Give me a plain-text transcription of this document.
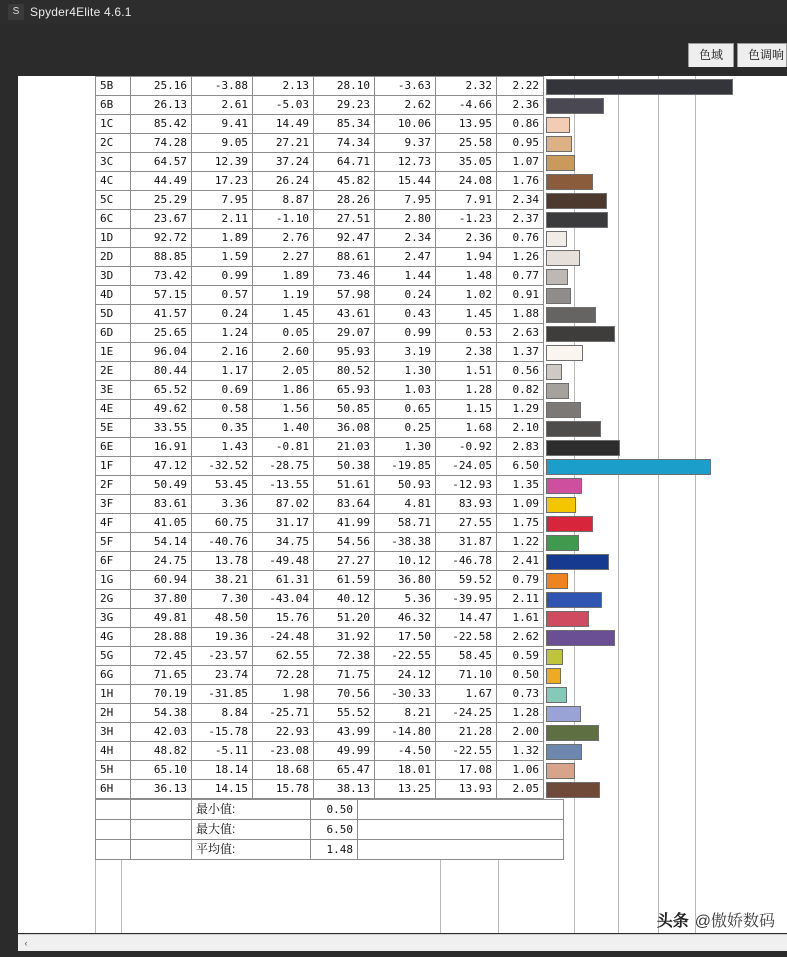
S Spyder4Elite 4.6.1
色域	色调响
5B	25.16	-3.88	2.13	28.10	-3.63	2.32	2.22	

6B	26.13	2.61	-5.03	29.23	2.62	-4.66	2.36	

1C	85.42	9.41	14.49	85.34	10.06	13.95	0.86	

2C	74.28	9.05	27.21	74.34	9.37	25.58	0.95	

3C	64.57	12.39	37.24	64.71	12.73	35.05	1.07	

4C	44.49	17.23	26.24	45.82	15.44	24.08	1.76	

5C	25.29	7.95	8.87	28.26	7.95	7.91	2.34	

6C	23.67	2.11	-1.10	27.51	2.80	-1.23	2.37	

1D	92.72	1.89	2.76	92.47	2.34	2.36	0.76	

2D	88.85	1.59	2.27	88.61	2.47	1.94	1.26	

3D	73.42	0.99	1.89	73.46	1.44	1.48	0.77	

4D	57.15	0.57	1.19	57.98	0.24	1.02	0.91	

5D	41.57	0.24	1.45	43.61	0.43	1.45	1.88	

6D	25.65	1.24	0.05	29.07	0.99	0.53	2.63	

1E	96.04	2.16	2.60	95.93	3.19	2.38	1.37	

2E	80.44	1.17	2.05	80.52	1.30	1.51	0.56	

3E	65.52	0.69	1.86	65.93	1.03	1.28	0.82	

4E	49.62	0.58	1.56	50.85	0.65	1.15	1.29	

5E	33.55	0.35	1.40	36.08	0.25	1.68	2.10	

6E	16.91	1.43	-0.81	21.03	1.30	-0.92	2.83	

1F	47.12	-32.52	-28.75	50.38	-19.85	-24.05	6.50	

2F	50.49	53.45	-13.55	51.61	50.93	-12.93	1.35	

3F	83.61	3.36	87.02	83.64	4.81	83.93	1.09	

4F	41.05	60.75	31.17	41.99	58.71	27.55	1.75	

5F	54.14	-40.76	34.75	54.56	-38.38	31.87	1.22	

6F	24.75	13.78	-49.48	27.27	10.12	-46.78	2.41	

1G	60.94	38.21	61.31	61.59	36.80	59.52	0.79	

2G	37.80	7.30	-43.04	40.12	5.36	-39.95	2.11	

3G	49.81	48.50	15.76	51.20	46.32	14.47	1.61	

4G	28.88	19.36	-24.48	31.92	17.50	-22.58	2.62	

5G	72.45	-23.57	62.55	72.38	-22.55	58.45	0.59	

6G	71.65	23.74	72.28	71.75	24.12	71.10	0.50	

1H	70.19	-31.85	1.98	70.56	-30.33	1.67	0.73	

2H	54.38	8.84	-25.71	55.52	8.21	-24.25	1.28	

3H	42.03	-15.78	22.93	43.99	-14.80	21.28	2.00	

4H	48.82	-5.11	-23.08	49.99	-4.50	-22.55	1.32	

5H	65.10	18.14	18.68	65.47	18.01	17.08	1.06	

6H	36.13	14.15	15.78	38.13	13.25	13.93	2.05	
		最小值:	0.50	
		最大值:	6.50	
		平均值:	1.48	
头条 @傲娇数码
‹
